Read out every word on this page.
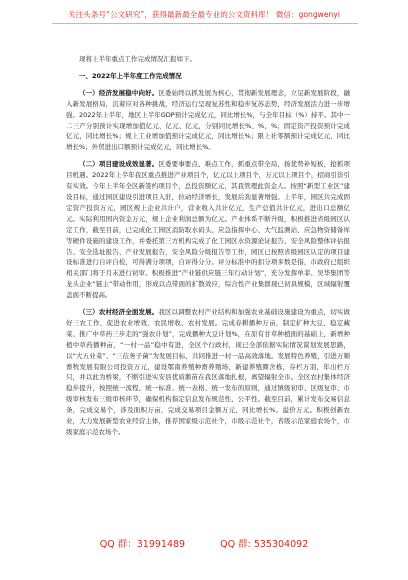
关注头条号“公文研究”，获得最新最全最专业的公文资料库！ 微信：gongwenyi

现将上半年重点工作完成情况汇报如下。

一、2022年上半年度工作完成情况

（一）经济发展稳中向好。区委始终以抓发展为核心，贯彻新发展理念，立足新发展阶段，融入新发展格局，沉着应对各种挑战，经济运行呈现复苏性和稳步复苏态势，经济发展活力进一步增强。2022年上半年，地区上半年GDP预计完成亿元，同比增长%，与全年目标（%）持平。其中一二三产分别预计实现增加值亿元、亿元、亿元，分别同比增长%、%、%；固定资产投资预计完成亿元，同比增长%；规上工业增加值预计完成亿元，同比增长%；限上社零额预计完成亿元，同比增长%；外贸进出口额预计完成亿元，同比增长%。

（二）项目建设成效显著。区委要事要点、难点工作，抓重点带全局，扬优势补短板，抢抓项目机遇。2022年上半年我区重点推进产业项目个，亿元以上项目个，万元以上项目个，招商引资引有实效。今年上半年全区新签约项目个，总投资额亿元，其我管理此资金人。按照“新型工业区”建设目标，通过园区建设引进项目入驻，拉动经济增长，发展后劲显著增强。上半年，园区共完成固定资产投资万元，园区规上企业共计户，营业收入共计亿元，生产总值共计亿元，进出口总额亿元。实际利用国内资金万元，规上企业利润总额为亿元。产业体系不断升级，积极推进省级园区认定工作，截至目前，已完成化工园区消防取水码头、应急指挥中心、大气监测站、应急物资储备库等硬件设施的建设工作，并委托第三方机构完成了化工园区水资源论证报告、安全风险整体评估报告、安全选址报告、产业发展报告，安全风险分级报告等工作，园区已按照省级园区认定的项目建设标准进行自评自检，可得满分项项，自评得分分。评分标准中的扣分项多数是指，市政府已组织相关部门将于月末进行初审。积极推进“产业链供应链三年行动计划”，充分发挥单菲、吴华集团等龙头企业“链主”带动作用，形成以点带面的扩散效应，综合性产业集群现已初具规模，区域辐射覆盖面不断提高。

（三）农村经济全面发展。我区以调整农村产业结构和加强农业基础设施建设为重点，切实做好三农工作，促进农业增效、农民增收、农村发展。完成春耕播种万亩，制定扩种大豆、稳定藏菜、推广中草药三步走的“强农计划”，完成播种大豆计划%，在原有甘草种植面的基础上，新增种植中草药播种亩，“一村一品”稳中有进，全区个行政村，现已全部依据实际情况谋划发展思路，以“大五业菜”、“三莅务子菌”为发展目标，共同推进一村一品高效落地。发展特色养殖，引进万顺畜牧发展有限公司投资万元，建设鄂南养殖种畜养殖场，新建养殖圈舍栋，存栏万羽，年出栏万只，并以此为桥梁，不断引进实安县优质鹅苗在我区落地扎根，离望辐射全市。全区农村集体经济稳步提升，按照统一流程、统一标准、统一表格、统一发布的原则，通过镇级初审、区级复审、市级审核发布三级审核环节，确保机构指定信息发布规范性、公平性。截至目前，累计发布交易信息条，完成交易个，涉及面积万亩，完成交易项目金额万元，同比增长%。溢价万元。积极创新农业，大力发展新型农业经营主体，推荐国家级示范社个，市级示范社个，省级示范家庭农场个，市级家庭示范农场个。

QQ 群：31991489	QQ 群: 535304092
